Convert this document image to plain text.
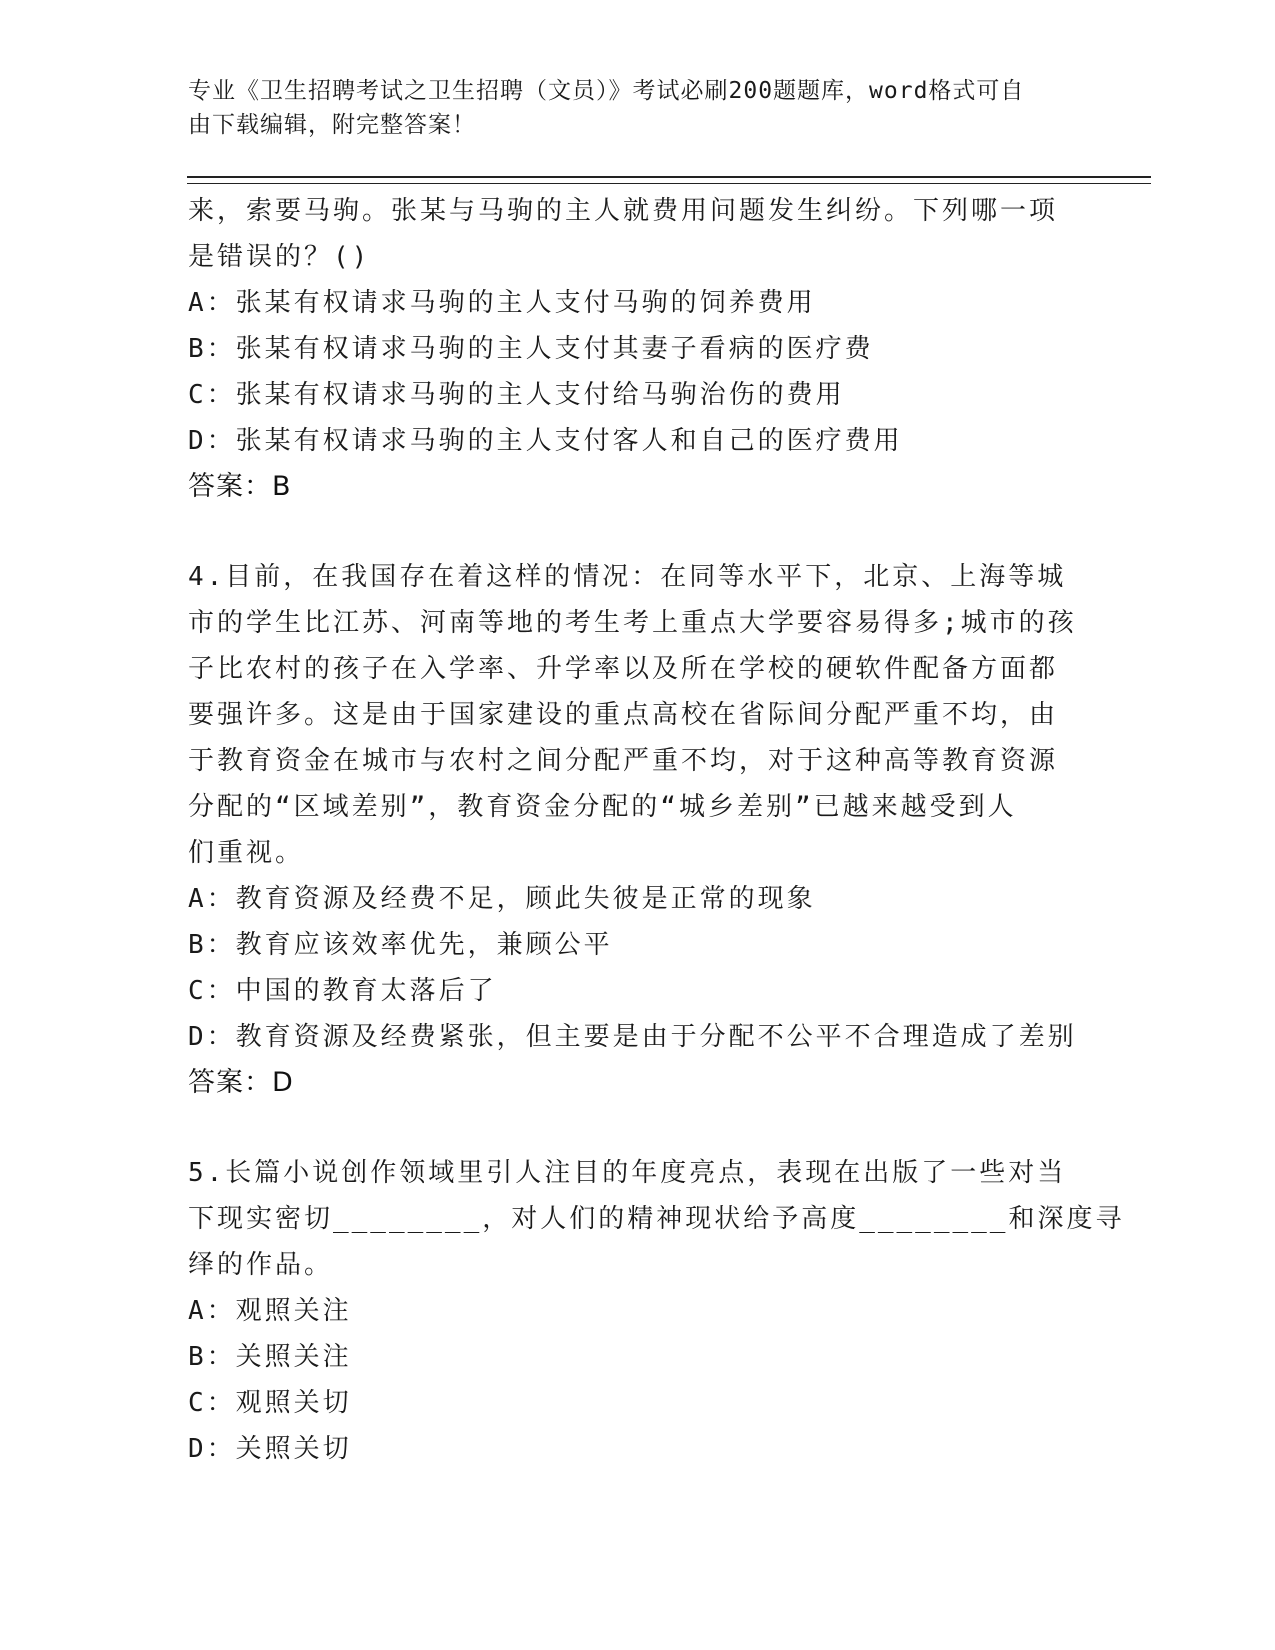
专业《卫生招聘考试之卫生招聘（文员）》考试必刷200题题库，word格式可自
由下载编辑，附完整答案！
来，索要马驹。张某与马驹的主人就费用问题发生纠纷。下列哪一项
是错误的？()
A：张某有权请求马驹的主人支付马驹的饲养费用
B：张某有权请求马驹的主人支付其妻子看病的医疗费
C：张某有权请求马驹的主人支付给马驹治伤的费用
D：张某有权请求马驹的主人支付客人和自己的医疗费用
答案：B
4.目前，在我国存在着这样的情况：在同等水平下，北京、上海等城
市的学生比江苏、河南等地的考生考上重点大学要容易得多;城市的孩
子比农村的孩子在入学率、升学率以及所在学校的硬软件配备方面都
要强许多。这是由于国家建设的重点高校在省际间分配严重不均，由
于教育资金在城市与农村之间分配严重不均，对于这种高等教育资源
分配的“区域差别”，教育资金分配的“城乡差别”已越来越受到人
们重视。
A：教育资源及经费不足，顾此失彼是正常的现象
B：教育应该效率优先，兼顾公平
C：中国的教育太落后了
D：教育资源及经费紧张，但主要是由于分配不公平不合理造成了差别
答案：D
5.长篇小说创作领域里引人注目的年度亮点，表现在出版了一些对当
下现实密切________，对人们的精神现状给予高度________和深度寻
绎的作品。
A：观照关注
B：关照关注
C：观照关切
D：关照关切
